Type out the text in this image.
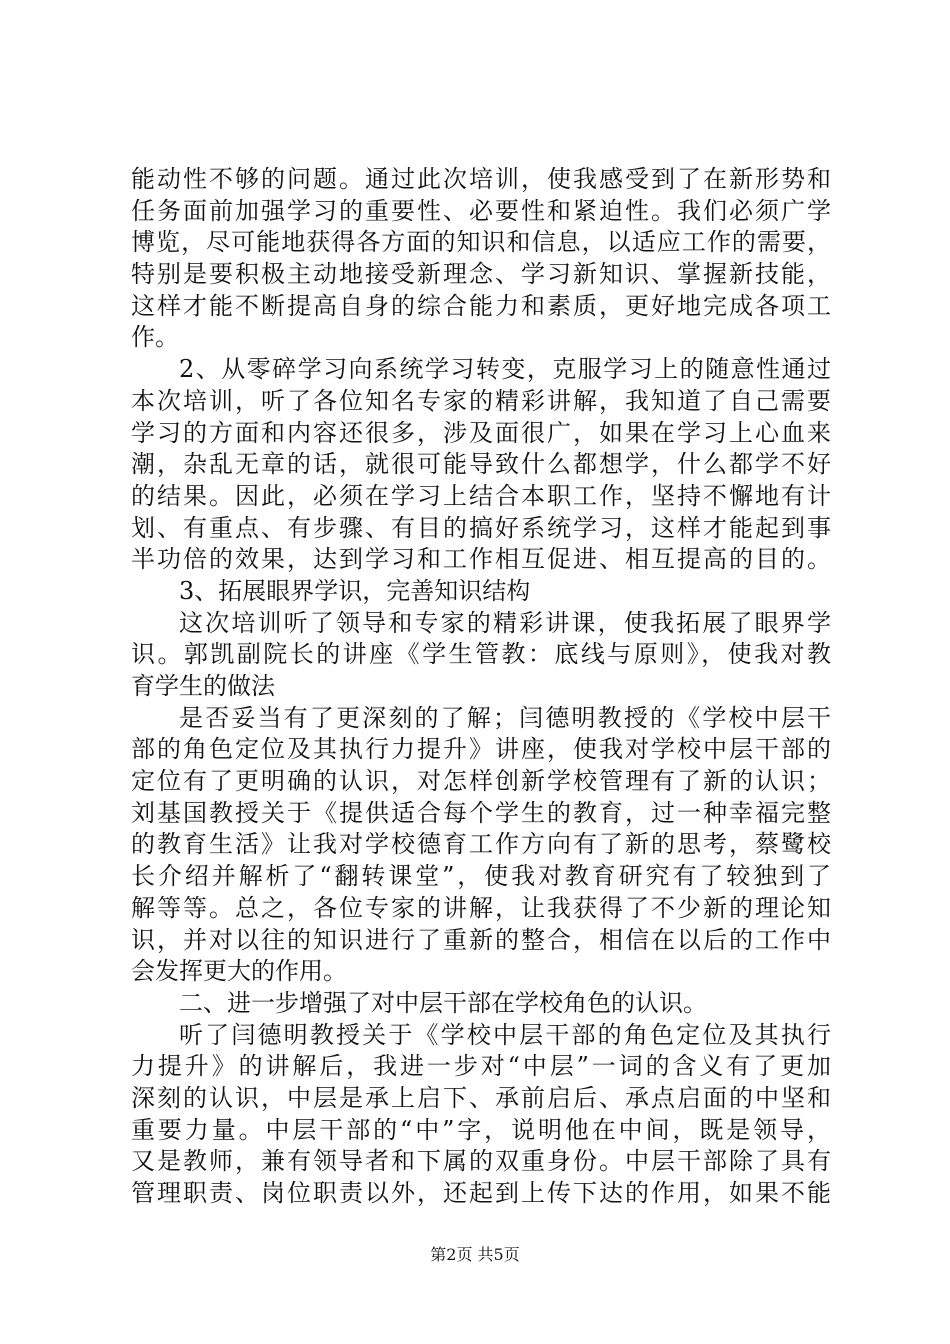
能动性不够的问题。通过此次培训，使我感受到了在新形势和
任务面前加强学习的重要性、必要性和紧迫性。我们必须广学
博览，尽可能地获得各方面的知识和信息，以适应工作的需要，
特别是要积极主动地接受新理念、学习新知识、掌握新技能，
这样才能不断提高自身的综合能力和素质，更好地完成各项工
作。
2、从零碎学习向系统学习转变，克服学习上的随意性通过
本次培训，听了各位知名专家的精彩讲解，我知道了自己需要
学习的方面和内容还很多，涉及面很广，如果在学习上心血来
潮，杂乱无章的话，就很可能导致什么都想学，什么都学不好
的结果。因此，必须在学习上结合本职工作，坚持不懈地有计
划、有重点、有步骤、有目的搞好系统学习，这样才能起到事
半功倍的效果，达到学习和工作相互促进、相互提高的目的。
3、拓展眼界学识，完善知识结构
这次培训听了领导和专家的精彩讲课，使我拓展了眼界学
识。郭凯副院长的讲座《学生管教：底线与原则》，使我对教
育学生的做法
是否妥当有了更深刻的了解；闫德明教授的《学校中层干
部的角色定位及其执行力提升》讲座，使我对学校中层干部的
定位有了更明确的认识，对怎样创新学校管理有了新的认识；
刘基国教授关于《提供适合每个学生的教育，过一种幸福完整
的教育生活》让我对学校德育工作方向有了新的思考，蔡鹭校
长介绍并解析了“翻转课堂”，使我对教育研究有了较独到了
解等等。总之，各位专家的讲解，让我获得了不少新的理论知
识，并对以往的知识进行了重新的整合，相信在以后的工作中
会发挥更大的作用。
二、进一步增强了对中层干部在学校角色的认识。
听了闫德明教授关于《学校中层干部的角色定位及其执行
力提升》的讲解后，我进一步对“中层”一词的含义有了更加
深刻的认识，中层是承上启下、承前启后、承点启面的中坚和
重要力量。中层干部的“中”字，说明他在中间，既是领导，
又是教师，兼有领导者和下属的双重身份。中层干部除了具有
管理职责、岗位职责以外，还起到上传下达的作用，如果不能
第2页 共5页
